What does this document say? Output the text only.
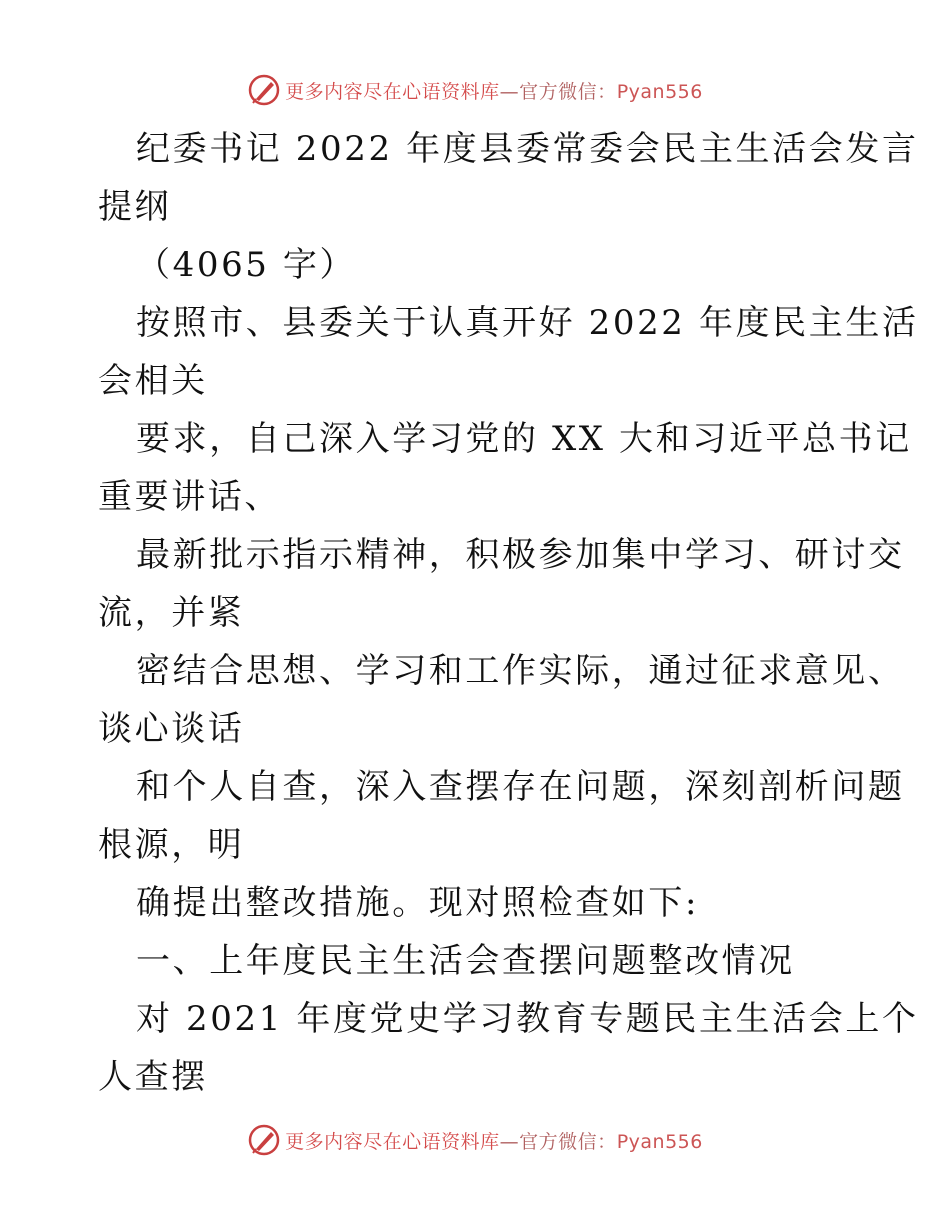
更多内容尽在心语资料库—官方微信：Pyan556
纪委书记 2022 年度县委常委会民主生活会发言
提纲
（4065 字）
按照市、县委关于认真开好 2022 年度民主生活
会相关
要求，自己深入学习党的 XX 大和习近平总书记
重要讲话、
最新批示指示精神，积极参加集中学习、研讨交
流，并紧
密结合思想、学习和工作实际，通过征求意见、
谈心谈话
和个人自查，深入查摆存在问题，深刻剖析问题
根源，明
确提出整改措施。现对照检查如下:
一、上年度民主生活会查摆问题整改情况
对 2021 年度党史学习教育专题民主生活会上个
人查摆
更多内容尽在心语资料库—官方微信：Pyan556
